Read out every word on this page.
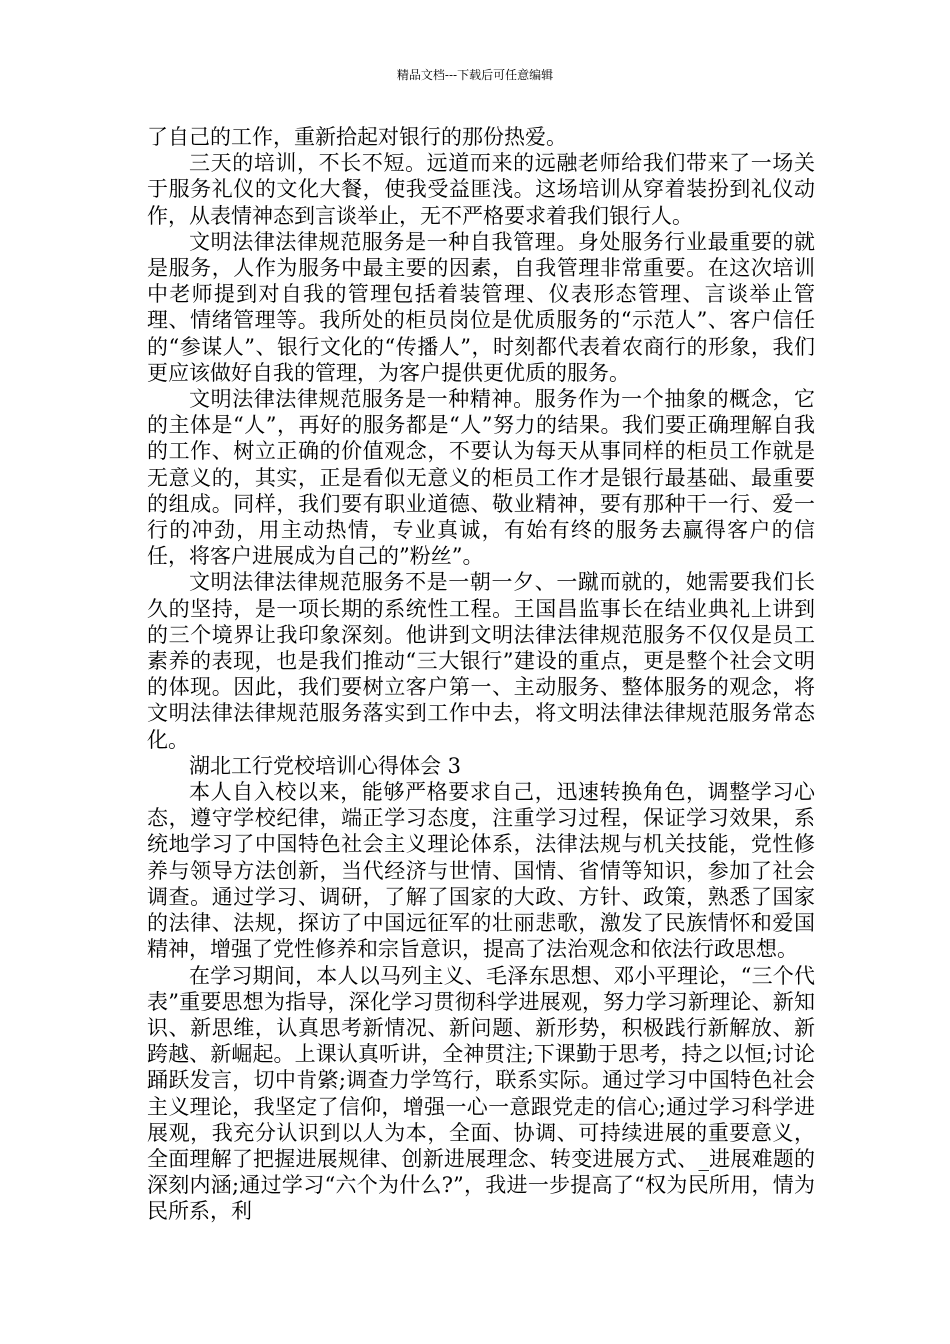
精品文档---下载后可任意编辑

了自己的工作，重新拾起对银行的那份热爱。

三天的培训，不长不短。远道而来的远融老师给我们带来了一场关于服务礼仪的文化大餐，使我受益匪浅。这场培训从穿着装扮到礼仪动作，从表情神态到言谈举止，无不严格要求着我们银行人。

文明法律法律规范服务是一种自我管理。身处服务行业最重要的就是服务，人作为服务中最主要的因素，自我管理非常重要。在这次培训中老师提到对自我的管理包括着装管理、仪表形态管理、言谈举止管理、情绪管理等。我所处的柜员岗位是优质服务的“示范人”、客户信任的“参谋人”、银行文化的“传播人”，时刻都代表着农商行的形象，我们更应该做好自我的管理，为客户提供更优质的服务。

文明法律法律规范服务是一种精神。服务作为一个抽象的概念，它的主体是“人”，再好的服务都是“人”努力的结果。我们要正确理解自我的工作、树立正确的价值观念，不要认为每天从事同样的柜员工作就是无意义的，其实，正是看似无意义的柜员工作才是银行最基础、最重要的组成。同样，我们要有职业道德、敬业精神，要有那种干一行、爱一行的冲劲，用主动热情，专业真诚，有始有终的服务去赢得客户的信任，将客户进展成为自己的”粉丝”。

文明法律法律规范服务不是一朝一夕、一蹴而就的，她需要我们长久的坚持，是一项长期的系统性工程。王国昌监事长在结业典礼上讲到的三个境界让我印象深刻。他讲到文明法律法律规范服务不仅仅是员工素养的表现，也是我们推动“三大银行”建设的重点，更是整个社会文明的体现。因此，我们要树立客户第一、主动服务、整体服务的观念，将文明法律法律规范服务落实到工作中去，将文明法律法律规范服务常态化。

湖北工行党校培训心得体会 3

本人自入校以来，能够严格要求自己，迅速转换角色，调整学习心态，遵守学校纪律，端正学习态度，注重学习过程，保证学习效果，系统地学习了中国特色社会主义理论体系，法律法规与机关技能，党性修养与领导方法创新，当代经济与世情、国情、省情等知识，参加了社会调查。通过学习、调研，了解了国家的大政、方针、政策，熟悉了国家的法律、法规，探访了中国远征军的壮丽悲歌，激发了民族情怀和爱国精神，增强了党性修养和宗旨意识，提高了法治观念和依法行政思想。

在学习期间，本人以马列主义、毛泽东思想、邓小平理论，“三个代表”重要思想为指导，深化学习贯彻科学进展观，努力学习新理论、新知识、新思维，认真思考新情况、新问题、新形势，积极践行新解放、新跨越、新崛起。上课认真听讲，全神贯注;下课勤于思考，持之以恒;讨论踊跃发言，切中肯綮;调查力学笃行，联系实际。通过学习中国特色社会主义理论，我坚定了信仰，增强一心一意跟党走的信心;通过学习科学进展观，我充分认识到以人为本，全面、协调、可持续进展的重要意义，全面理解了把握进展规律、创新进展理念、转变进展方式、_进展难题的深刻内涵;通过学习“六个为什么?”，我进一步提高了“权为民所用，情为民所系，利
